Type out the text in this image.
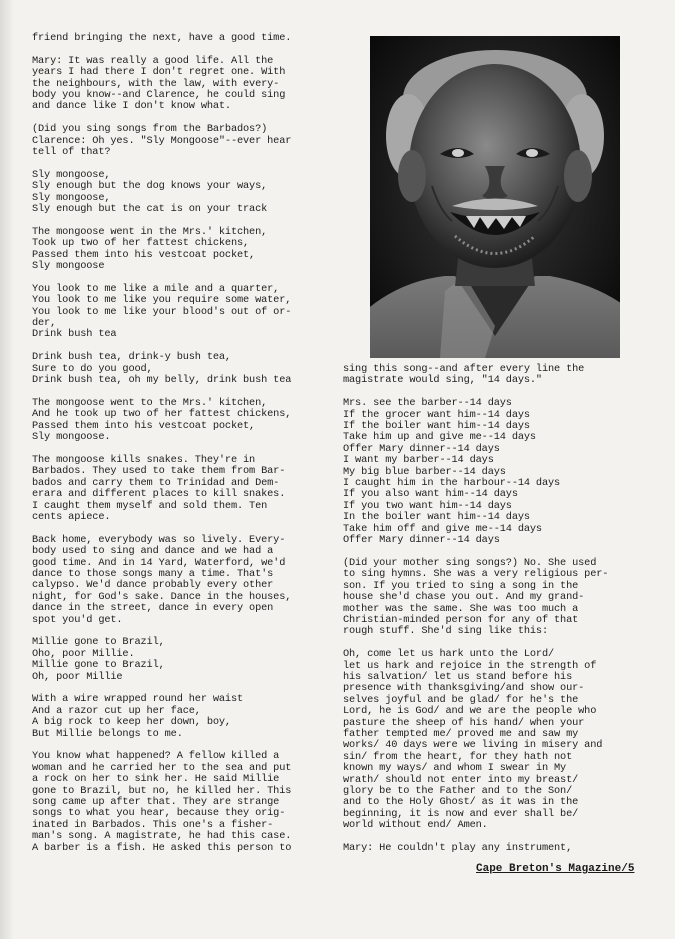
friend bringing the next, have a good time.

Mary: It was really a good life. All the
years I had there I don't regret one. With
the neighbours, with the law, with every-
body you know--and Clarence, he could sing
and dance like I don't know what.

(Did you sing songs from the Barbados?)
Clarence: Oh yes. "Sly Mongoose"--ever hear
tell of that?

Sly mongoose,
Sly enough but the dog knows your ways,
Sly mongoose,
Sly enough but the cat is on your track

The mongoose went in the Mrs.' kitchen,
Took up two of her fattest chickens,
Passed them into his vestcoat pocket,
Sly mongoose

You look to me like a mile and a quarter,
You look to me like you require some water,
You look to me like your blood's out of or-
der,
Drink bush tea

Drink bush tea, drink-y bush tea,
Sure to do you good,
Drink bush tea, oh my belly, drink bush tea

The mongoose went to the Mrs.' kitchen,
And he took up two of her fattest chickens,
Passed them into his vestcoat pocket,
Sly mongoose.

The mongoose kills snakes. They're in
Barbados. They used to take them from Bar-
bados and carry them to Trinidad and Dem-
erara and different places to kill snakes.
I caught them myself and sold them. Ten
cents apiece.

Back home, everybody was so lively. Every-
body used to sing and dance and we had a
good time. And in 14 Yard, Waterford, we'd
dance to those songs many a time. That's
calypso. We'd dance probably every other
night, for God's sake. Dance in the houses,
dance in the street, dance in every open
spot you'd get.

Millie gone to Brazil,
Oho, poor Millie.
Millie gone to Brazil,
Oh, poor Millie

With a wire wrapped round her waist
And a razor cut up her face,
A big rock to keep her down, boy,
But Millie belongs to me.

You know what happened? A fellow killed a
woman and he carried her to the sea and put
a rock on her to sink her. He said Millie
gone to Brazil, but no, he killed her. This
song came up after that. They are strange
songs to what you hear, because they orig-
inated in Barbados. This one's a fisher-
man's song. A magistrate, he had this case.
A barber is a fish. He asked this person to

sing this song--and after every line the
magistrate would sing, "14 days."

Mrs. see the barber--14 days
If the grocer want him--14 days
If the boiler want him--14 days
Take him up and give me--14 days
Offer Mary dinner--14 days
I want my barber--14 days
My big blue barber--14 days
I caught him in the harbour--14 days
If you also want him--14 days
If you two want him--14 days
In the boiler want him--14 days
Take him off and give me--14 days
Offer Mary dinner--14 days

(Did your mother sing songs?) No. She used
to sing hymns. She was a very religious per-
son. If you tried to sing a song in the
house she'd chase you out. And my grand-
mother was the same. She was too much a
Christian-minded person for any of that
rough stuff. She'd sing like this:

Oh, come let us hark unto the Lord/
let us hark and rejoice in the strength of
his salvation/ let us stand before his
presence with thanksgiving/and show our-
selves joyful and be glad/ for he's the
Lord, he is God/ and we are the people who
pasture the sheep of his hand/ when your
father tempted me/ proved me and saw my
works/ 40 days were we living in misery and
sin/ from the heart, for they hath not
known my ways/ and whom I swear in My
wrath/ should not enter into my breast/
glory be to the Father and to the Son/
and to the Holy Ghost/ as it was in the
beginning, it is now and ever shall be/
world without end/ Amen.

Mary: He couldn't play any instrument,

Cape Breton's Magazine/5
